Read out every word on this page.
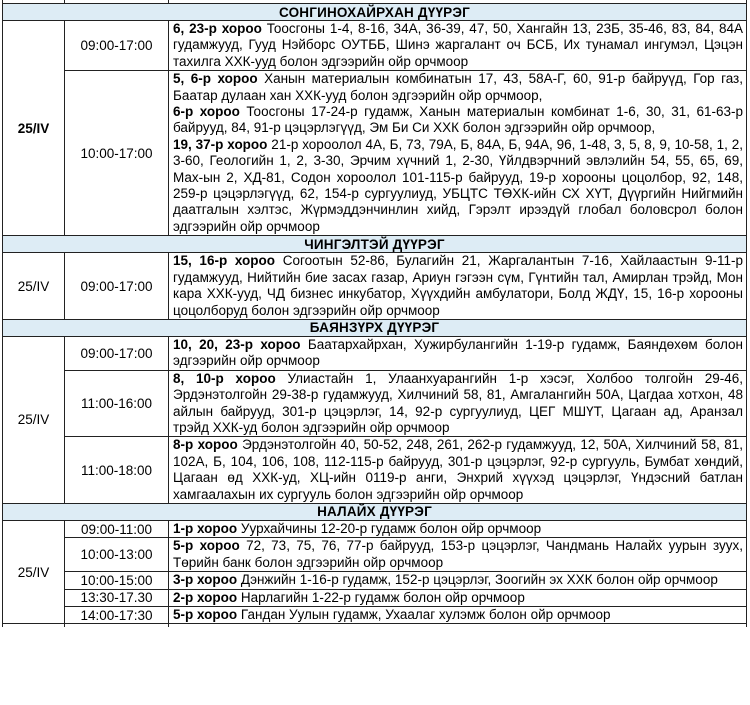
СОНГИНОХАЙРХАН ДҮҮРЭГ		
25/IV	09:00-17:00	6, 23-р хороо Тоосгоны 1-4, 8-16, 34А, 36-39, 47, 50, Хангайн 13, 23Б, 35-46, 83, 84, 84А гудамжууд, Гууд Нэйборс ОУТББ, Шинэ жаргалант оч БСБ, Их тунамал ингумэл, Цэцэн тахилга ХХК-ууд болон эдгээрийн ойр орчмоор

	10:00-17:00	5, 6-р хороо Ханын материалын комбинатын 17, 43, 58А-Г, 60, 91-р байруүд, Гор газ, Баатар дулаан хан ХХК-ууд болон эдгээрийн ойр орчмоор,
6-р хороо Тоосгоны 17-24-р гудамж, Ханын материалын комбинат 1-6, 30, 31, 61-63-р байрууд, 84, 91-р цэцэрлэгүүд, Эм Би Си ХХК болон эдгээрийн ойр орчмоор,
19, 37-р хороо 21-р хороолол 4А, Б, 73, 79А, Б, 84А, Б, 94А, 96, 1-48, 3, 5, 8, 9, 10-58, 1, 2, 3-60, Геологийн 1, 2, 3-30, Эрчим хүчний 1, 2-30, Үйлдвэрчний эвлэлийн 54, 55, 65, 69, Мах-ын 2, ХД-81, Содон хороолол 101-115-р байрууд, 19-р хорооны цоцолбор, 92, 148, 259-р цэцэрлэгүүд, 62, 154-р сургуулиуд, УБЦТС ТӨХК-ийн СХ ХҮТ, Дүүргийн Нийгмийн даатгалын хэлтэс, Жүрмэддэнчинлин хийд, Гэрэлт ирээдүй глобал боловсрол болон эдгээрийн ойр орчмоор

ЧИНГЭЛТЭЙ ДҮҮРЭГ		
25/IV	09:00-17:00	15, 16-р хороо Согоотын 52-86, Булагийн 21, Жаргалантын 7-16, Хайлаастын 9-11-р гудамжууд, Нийтийн бие засах газар, Ариун гэгээн сүм, Гүнтийн тал, Амирлан трэйд, Мон кара ХХК-ууд, ЧД бизнес инкубатор, Хүүхдийн амбулатори, Болд ЖДҮ, 15, 16-р хорооны цоцолборуд болон эдгээрийн ойр орчмоор

БАЯНЗҮРХ ДҮҮРЭГ		
25/IV	09:00-17:00	10, 20, 23-р хороо Баатархайрхан, Хужирбулангийн 1-19-р гудамж, Баяндөхөм болон эдгээрийн ойр орчмоор

	11:00-16:00	8, 10-р хороо Улиастайн 1, Улаанхуарангийн 1-р хэсэг, Холбоо толгойн 29-46, Эрдэнэтолгойн 29-38-р гудамжууд, Хилчиний 58, 81, Амгалангийн 50А, Цагдаа хотхон, 48 айлын байрууд, 301-р цэцэрлэг, 14, 92-р сургуулиуд, ЦЕГ МШҮТ, Цагаан ад, Аранзал трэйд ХХК-уд болон эдгээрийн ойр орчмоор

	11:00-18:00	8-р хороо Эрдэнэтолгойн 40, 50-52, 248, 261, 262-р гудамжууд, 12, 50А, Хилчиний 58, 81, 102А, Б, 104, 106, 108, 112-115-р байрууд, 301-р цэцэрлэг, 92-р сургууль, Бумбат хөндий, Цагаан өд ХХК-уд, ХЦ-ийн 0119-р анги, Энхрий хүүхэд цэцэрлэг, Үндэсний батлан хамгаалахын их сургууль болон эдгээрийн ойр орчмоор

НАЛАЙХ ДҮҮРЭГ		
25/IV	09:00-11:00	1-р хороо Уурхайчины 12-20-р гудамж болон ойр орчмоор

	10:00-13:00	5-р хороо 72, 73, 75, 76, 77-р байрууд, 153-р цэцэрлэг, Чандмань Налайх уурын зуух, Төрийн банк болон эдгээрийн ойр орчмоор

	10:00-15:00	3-р хороо Дэнжийн 1-16-р гудамж, 152-р цэцэрлэг, Зоогийн эх ХХК болон ойр орчмоор

	13:30-17.30	2-р хороо Нарлагийн 1-22-р гудамж болон ойр орчмоор

	14:00-17:30	5-р хороо Гандан Уулын гудамж, Ухаалаг хулэмж болон ойр орчмоор
